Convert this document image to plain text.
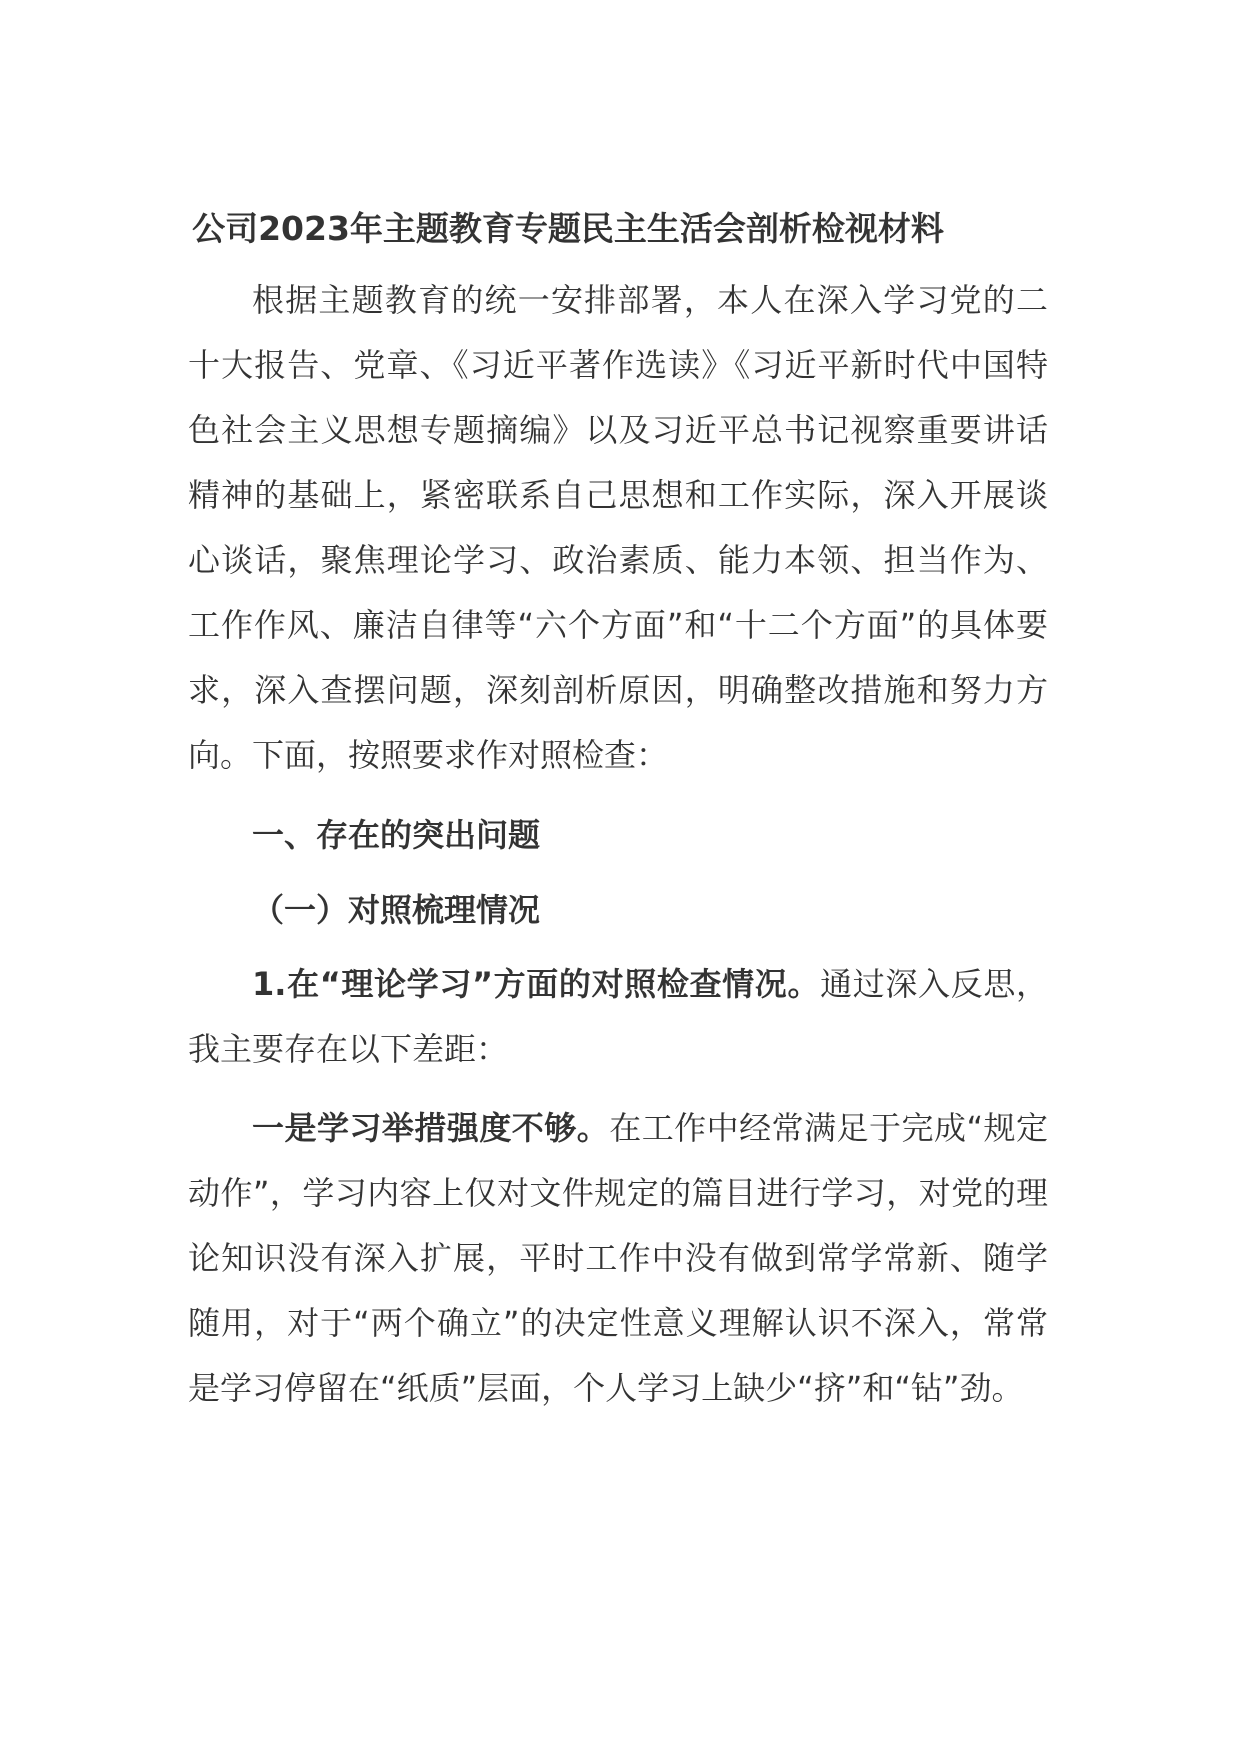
公司2023年主题教育专题民主生活会剖析检视材料

根据主题教育的统一安排部署，本人在深入学习党的二十大报告、党章、《习近平著作选读》《习近平新时代中国特色社会主义思想专题摘编》以及习近平总书记视察重要讲话精神的基础上，紧密联系自己思想和工作实际，深入开展谈心谈话，聚焦理论学习、政治素质、能力本领、担当作为、工作作风、廉洁自律等“六个方面”和“十二个方面”的具体要求，深入查摆问题，深刻剖析原因，明确整改措施和努力方向。下面，按照要求作对照检查：

一、存在的突出问题
（一）对照梳理情况

1.在“理论学习”方面的对照检查情况。通过深入反思，我主要存在以下差距：

一是学习举措强度不够。在工作中经常满足于完成“规定动作”，学习内容上仅对文件规定的篇目进行学习，对党的理论知识没有深入扩展，平时工作中没有做到常学常新、随学随用，对于“两个确立”的决定性意义理解认识不深入，常常是学习停留在“纸质”层面，个人学习上缺少“挤”和“钻”劲。
